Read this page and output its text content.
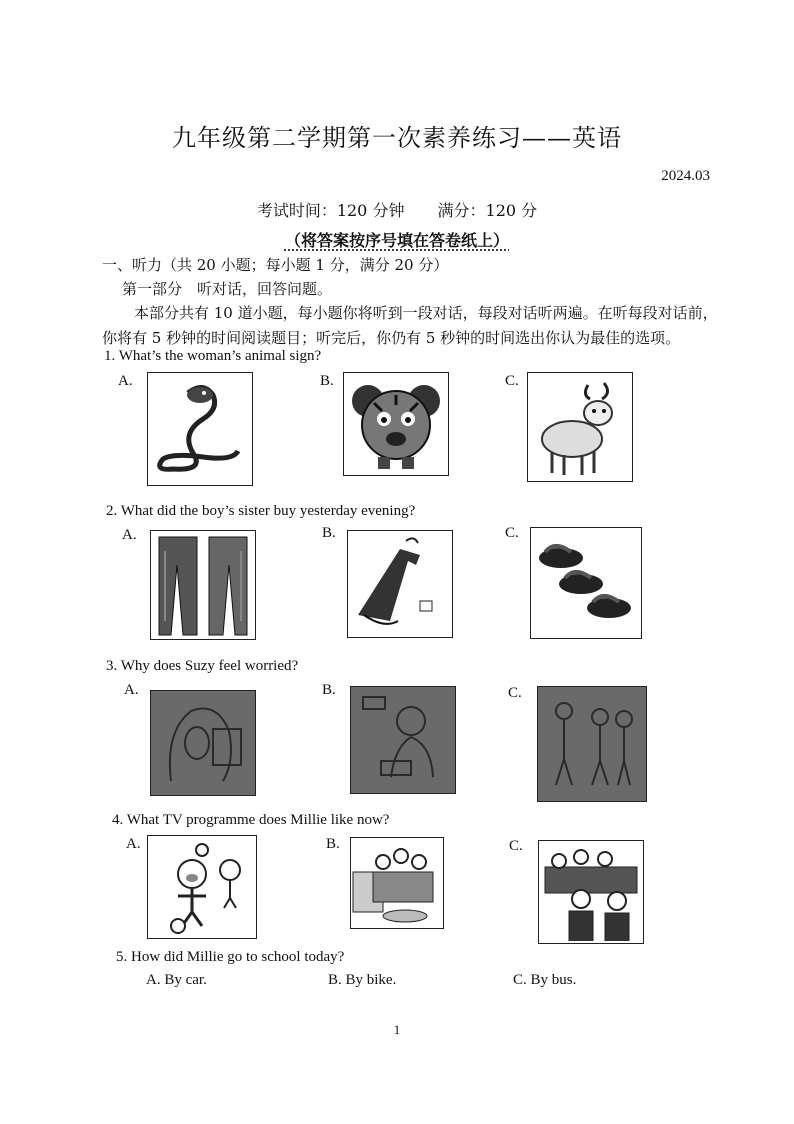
九年级第二学期第一次素养练习——英语
2024.03
考试时间：120 分钟 满分：120 分
（将答案按序号填在答卷纸上）
一、听力（共 20 小题；每小题 1 分，满分 20 分）
第一部分　听对话，回答问题。
本部分共有 10 道小题，每小题你将听到一段对话，每段对话听两遍。在听每段对话前，你将有 5 秒钟的时间阅读题目；听完后，你仍有 5 秒钟的时间选出你认为最佳的选项。
1. What’s the woman’s animal sign?
A.	B.	C.
2. What did the boy’s sister buy yesterday evening?
A.	B.	C.
3. Why does Suzy feel worried?
A.	B.	C.
4. What TV programme does Millie like now?
A.	B.	C.
5. How did Millie go to school today?
A. By car.	B. By bike.	C. By bus.
1
